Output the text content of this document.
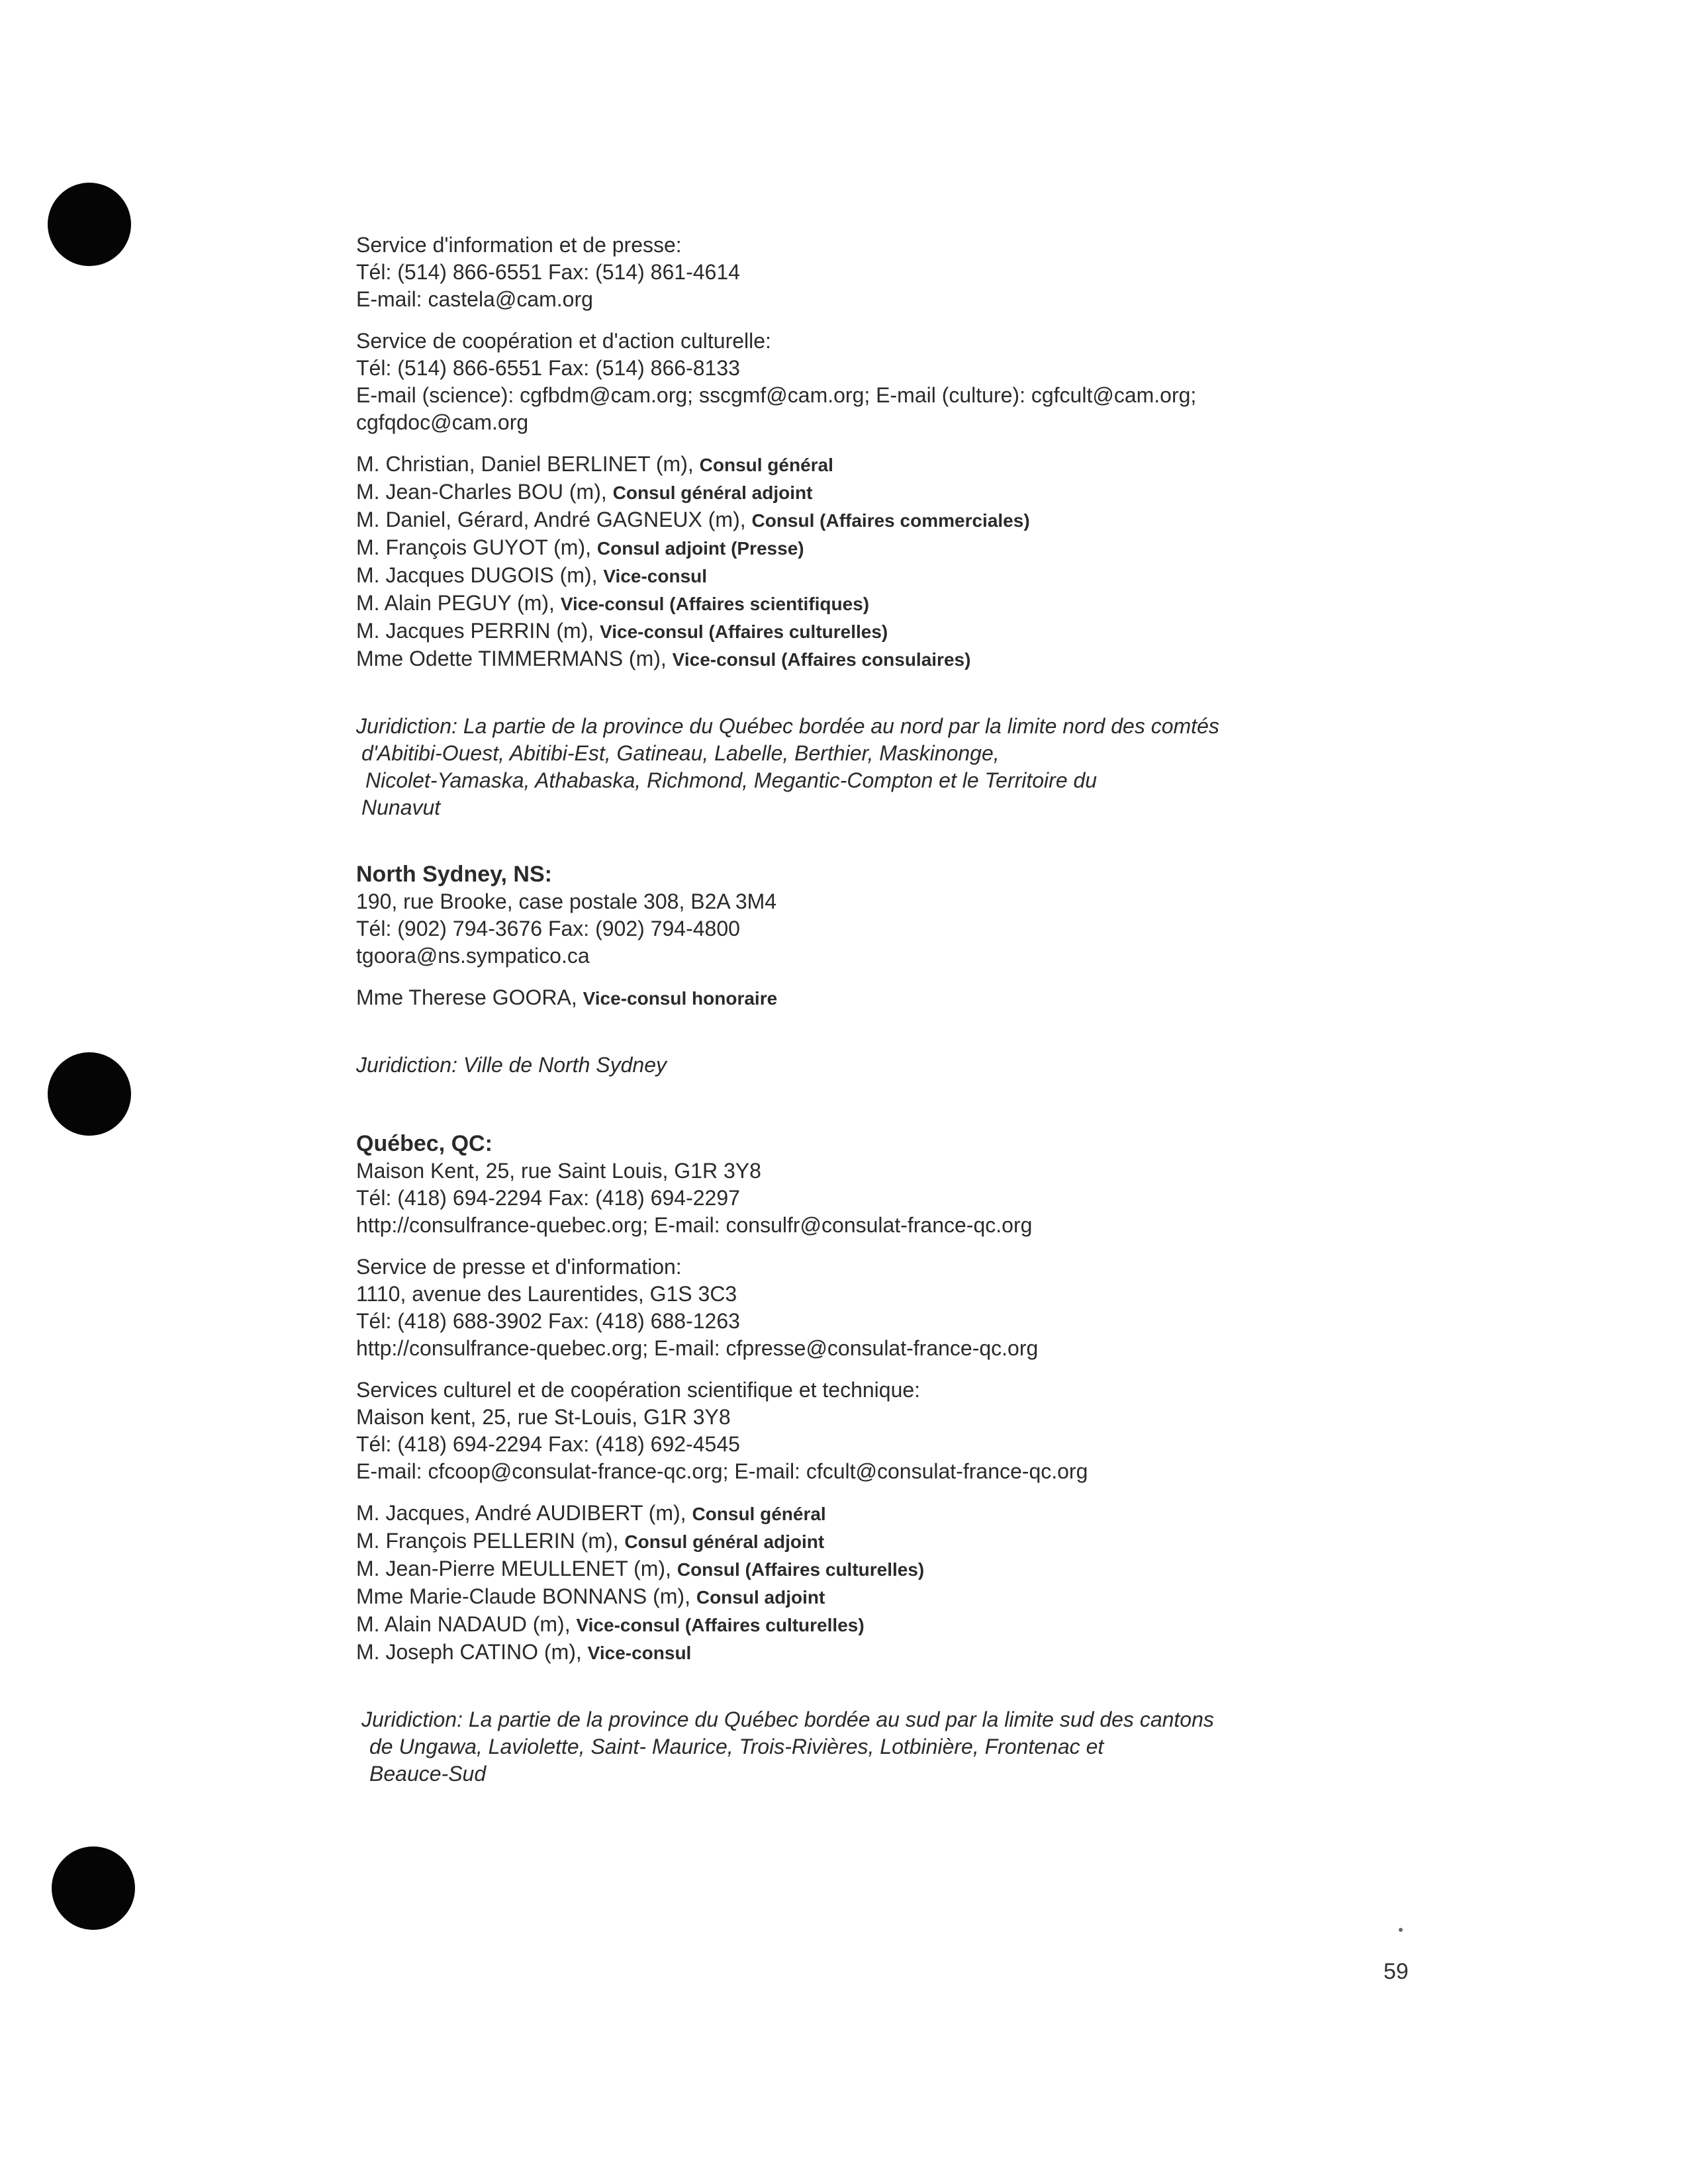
Service d'information et de presse:
Tél: (514) 866-6551 Fax: (514) 861-4614
E-mail: castela@cam.org
Service de coopération et d'action culturelle:
Tél: (514) 866-6551 Fax: (514) 866-8133
E-mail (science): cgfbdm@cam.org; sscgmf@cam.org; E-mail (culture): cgfcult@cam.org;
cgfqdoc@cam.org
M. Christian, Daniel BERLINET (m), Consul général
M. Jean-Charles BOU (m), Consul général adjoint
M. Daniel, Gérard, André GAGNEUX (m), Consul (Affaires commerciales)
M. François GUYOT (m), Consul adjoint (Presse)
M. Jacques DUGOIS (m), Vice-consul
M. Alain PEGUY (m), Vice-consul (Affaires scientifiques)
M. Jacques PERRIN (m), Vice-consul (Affaires culturelles)
Mme Odette TIMMERMANS (m), Vice-consul (Affaires consulaires)
Juridiction: La partie de la province du Québec bordée au nord par la limite nord des comtés
d'Abitibi-Ouest, Abitibi-Est, Gatineau, Labelle, Berthier, Maskinonge,
Nicolet-Yamaska, Athabaska, Richmond, Megantic-Compton et le Territoire du
Nunavut
North Sydney, NS:
190, rue Brooke, case postale 308, B2A 3M4
Tél: (902) 794-3676 Fax: (902) 794-4800
tgoora@ns.sympatico.ca
Mme Therese GOORA, Vice-consul honoraire
Juridiction: Ville de North Sydney
Québec, QC:
Maison Kent, 25, rue Saint Louis, G1R 3Y8
Tél: (418) 694-2294 Fax: (418) 694-2297
http://consulfrance-quebec.org; E-mail: consulfr@consulat-france-qc.org
Service de presse et d'information:
1110, avenue des Laurentides, G1S 3C3
Tél: (418) 688-3902 Fax: (418) 688-1263
http://consulfrance-quebec.org; E-mail: cfpresse@consulat-france-qc.org
Services culturel et de coopération scientifique et technique:
Maison kent, 25, rue St-Louis, G1R 3Y8
Tél: (418) 694-2294 Fax: (418) 692-4545
E-mail: cfcoop@consulat-france-qc.org; E-mail: cfcult@consulat-france-qc.org
M. Jacques, André AUDIBERT (m), Consul général
M. François PELLERIN (m), Consul général adjoint
M. Jean-Pierre MEULLENET (m), Consul (Affaires culturelles)
Mme Marie-Claude BONNANS (m), Consul adjoint
M. Alain NADAUD (m), Vice-consul (Affaires culturelles)
M. Joseph CATINO (m), Vice-consul
Juridiction: La partie de la province du Québec bordée au sud par la limite sud des cantons
de Ungawa, Laviolette, Saint- Maurice, Trois-Rivières, Lotbinière, Frontenac et
Beauce-Sud
59
